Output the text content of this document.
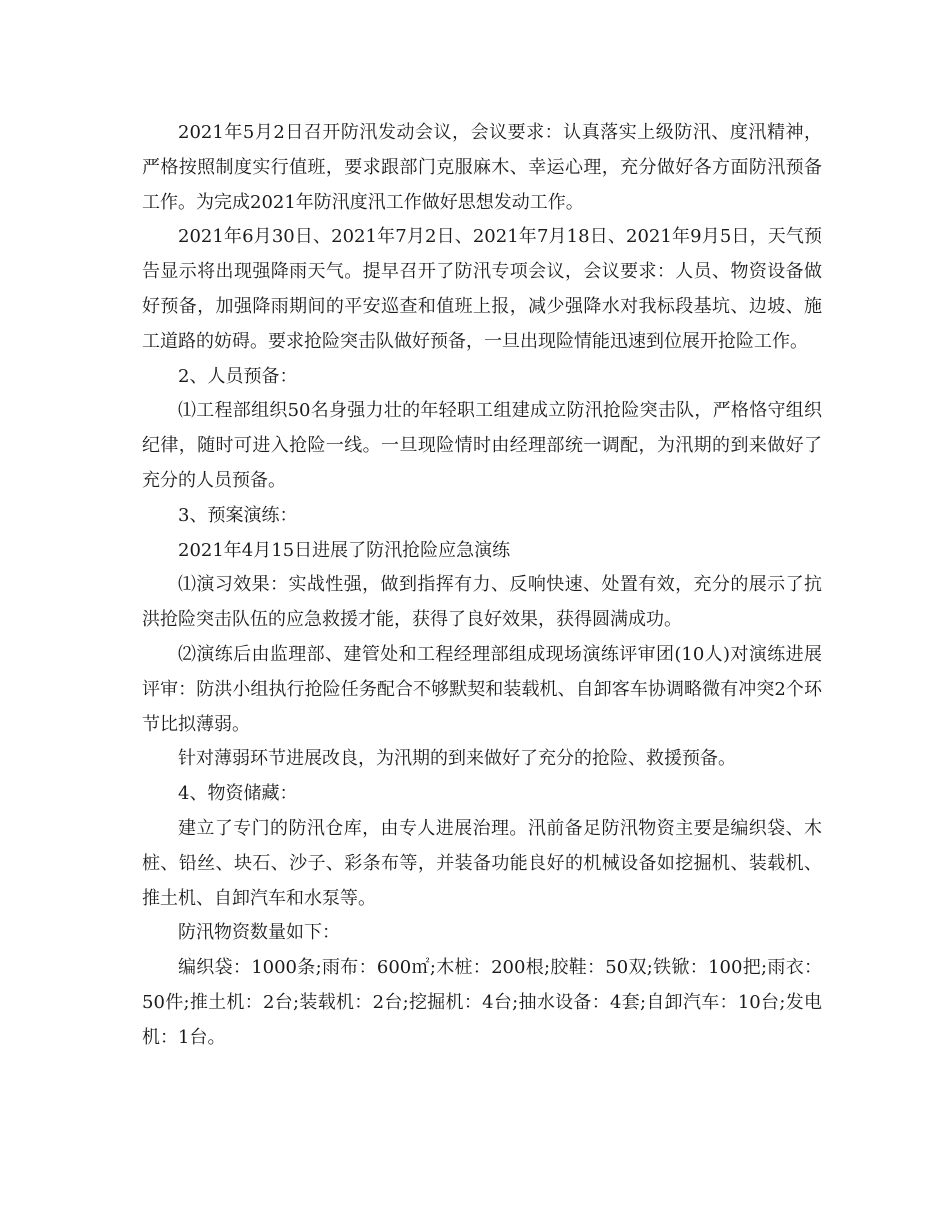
2021年5月2日召开防汛发动会议，会议要求：认真落实上级防汛、度汛精神，严格按照制度实行值班，要求跟部门克服麻木、幸运心理，充分做好各方面防汛预备工作。为完成2021年防汛度汛工作做好思想发动工作。

2021年6月30日、2021年7月2日、2021年7月18日、2021年9月5日，天气预告显示将出现强降雨天气。提早召开了防汛专项会议，会议要求：人员、物资设备做好预备，加强降雨期间的平安巡查和值班上报，减少强降水对我标段基坑、边坡、施工道路的妨碍。要求抢险突击队做好预备，一旦出现险情能迅速到位展开抢险工作。

2、人员预备：

⑴工程部组织50名身强力壮的年轻职工组建成立防汛抢险突击队，严格恪守组织纪律，随时可进入抢险一线。一旦现险情时由经理部统一调配，为汛期的到来做好了充分的人员预备。

3、预案演练：

2021年4月15日进展了防汛抢险应急演练

⑴演习效果：实战性强，做到指挥有力、反响快速、处置有效，充分的展示了抗洪抢险突击队伍的应急救援才能，获得了良好效果，获得圆满成功。

⑵演练后由监理部、建管处和工程经理部组成现场演练评审团(10人)对演练进展评审：防洪小组执行抢险任务配合不够默契和装载机、自卸客车协调略微有冲突2个环节比拟薄弱。

针对薄弱环节进展改良，为汛期的到来做好了充分的抢险、救援预备。

4、物资储藏：

建立了专门的防汛仓库，由专人进展治理。汛前备足防汛物资主要是编织袋、木桩、铅丝、块石、沙子、彩条布等，并装备功能良好的机械设备如挖掘机、装载机、推土机、自卸汽车和水泵等。

防汛物资数量如下：

编织袋：1000条;雨布：600㎡;木桩：200根;胶鞋：50双;铁锨：100把;雨衣：50件;推土机：2台;装载机：2台;挖掘机：4台;抽水设备：4套;自卸汽车：10台;发电机：1台。
